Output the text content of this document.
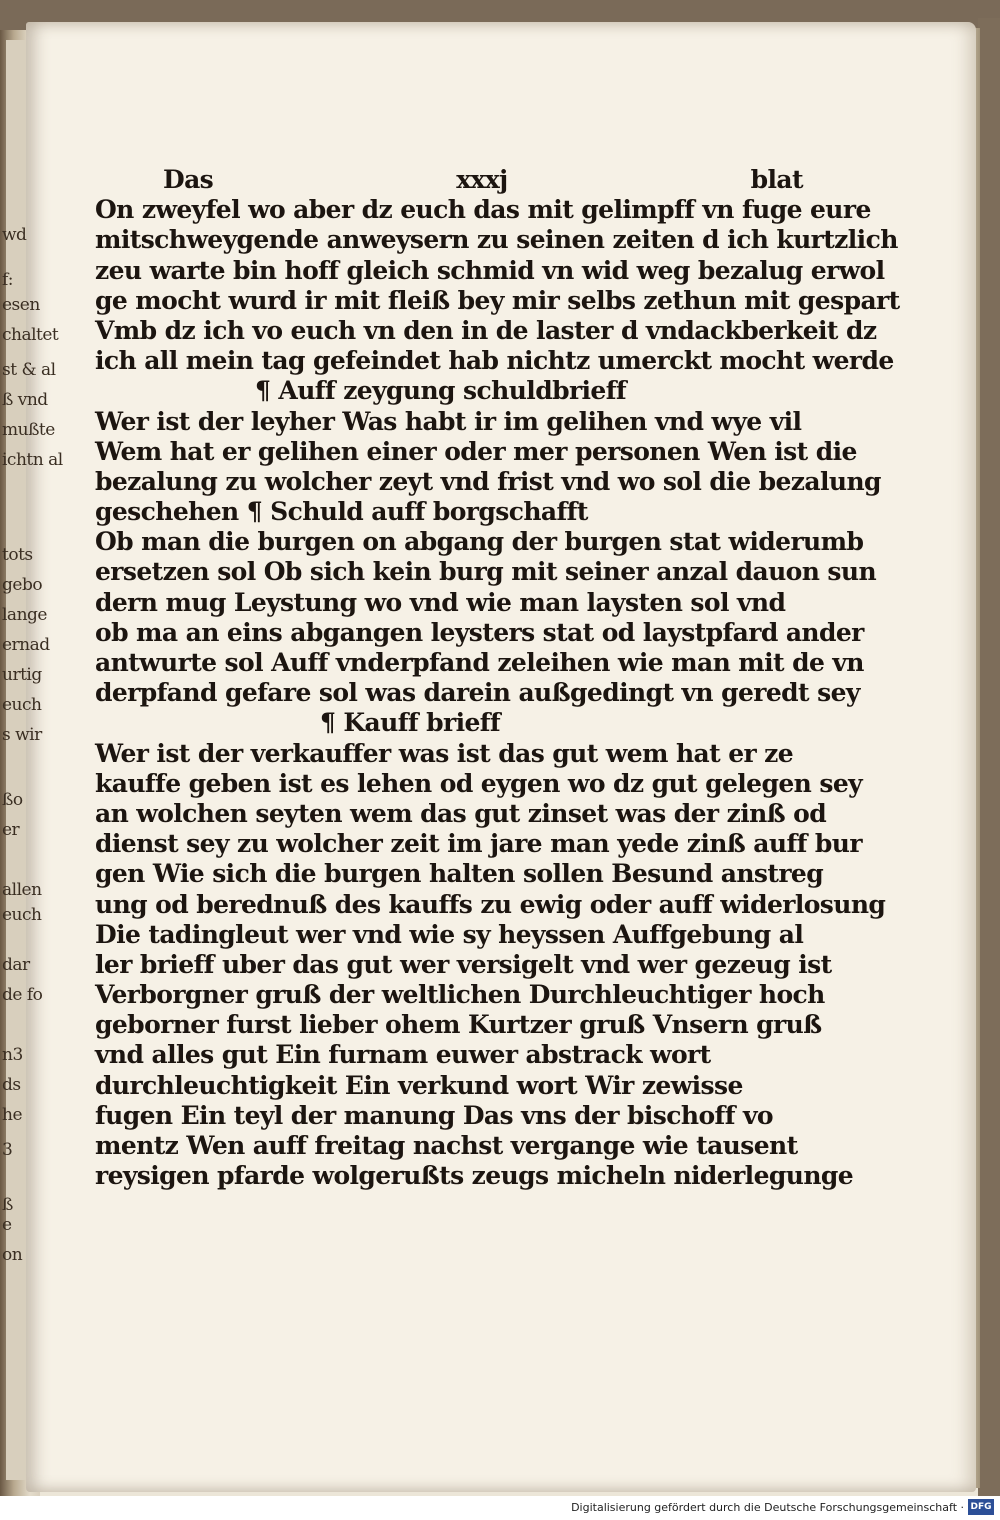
wd
f:
esen
chaltet
st & al
ß vnd
mußte
ichtn al
tots
gebo
lange
ernad
urtig
euch
s wir
ßo
er
allen
euch
dar
de fo
n3
ds
he
3
ß
e
on
Das	xxxj	blat
On zweyfel wo aber dz euch das mit gelimpff vn fuge eure
mitschweygende anweysern zu seinen zeiten d ich kurtzlich
zeu warte bin hoff gleich schmid vn wid weg bezalug erwol
ge mocht wurd ir mit fleiß bey mir selbs zethun mit gespart
Vmb dz ich vo euch vn den in de laster d vndackberkeit dz
ich all mein tag gefeindet hab nichtz umerckt mocht werde
¶ Auff zeygung schuldbrieff
Wer ist der leyher Was habt ir im gelihen vnd wye vil
Wem hat er gelihen einer oder mer personen Wen ist die
bezalung zu wolcher zeyt vnd frist vnd wo sol die bezalung
geschehen ¶ Schuld auff borgschafft
Ob man die burgen on abgang der burgen stat widerumb
ersetzen sol Ob sich kein burg mit seiner anzal dauon sun
dern mug Leystung wo vnd wie man laysten sol vnd
ob ma an eins abgangen leysters stat od laystpfard ander
antwurte sol Auff vnderpfand zeleihen wie man mit de vn
derpfand gefare sol was darein außgedingt vn geredt sey
¶ Kauff brieff
Wer ist der verkauffer was ist das gut wem hat er ze
kauffe geben ist es lehen od eygen wo dz gut gelegen sey
an wolchen seyten wem das gut zinset was der zinß od
dienst sey zu wolcher zeit im jare man yede zinß auff bur
gen Wie sich die burgen halten sollen Besund anstreg
ung od berednuß des kauffs zu ewig oder auff widerlosung
Die tadingleut wer vnd wie sy heyssen Auffgebung al
ler brieff uber das gut wer versigelt vnd wer gezeug ist
Verborgner gruß der weltlichen Durchleuchtiger hoch
geborner furst lieber ohem Kurtzer gruß Vnsern gruß
vnd alles gut Ein furnam euwer abstrack wort
durchleuchtigkeit Ein verkund wort Wir zewisse
fugen Ein teyl der manung Das vns der bischoff vo
mentz Wen auff freitag nachst vergange wie tausent
reysigen pfarde wolgerußts zeugs micheln niderlegunge
Digitalisierung gefördert durch die Deutsche Forschungsgemeinschaft · DFG
